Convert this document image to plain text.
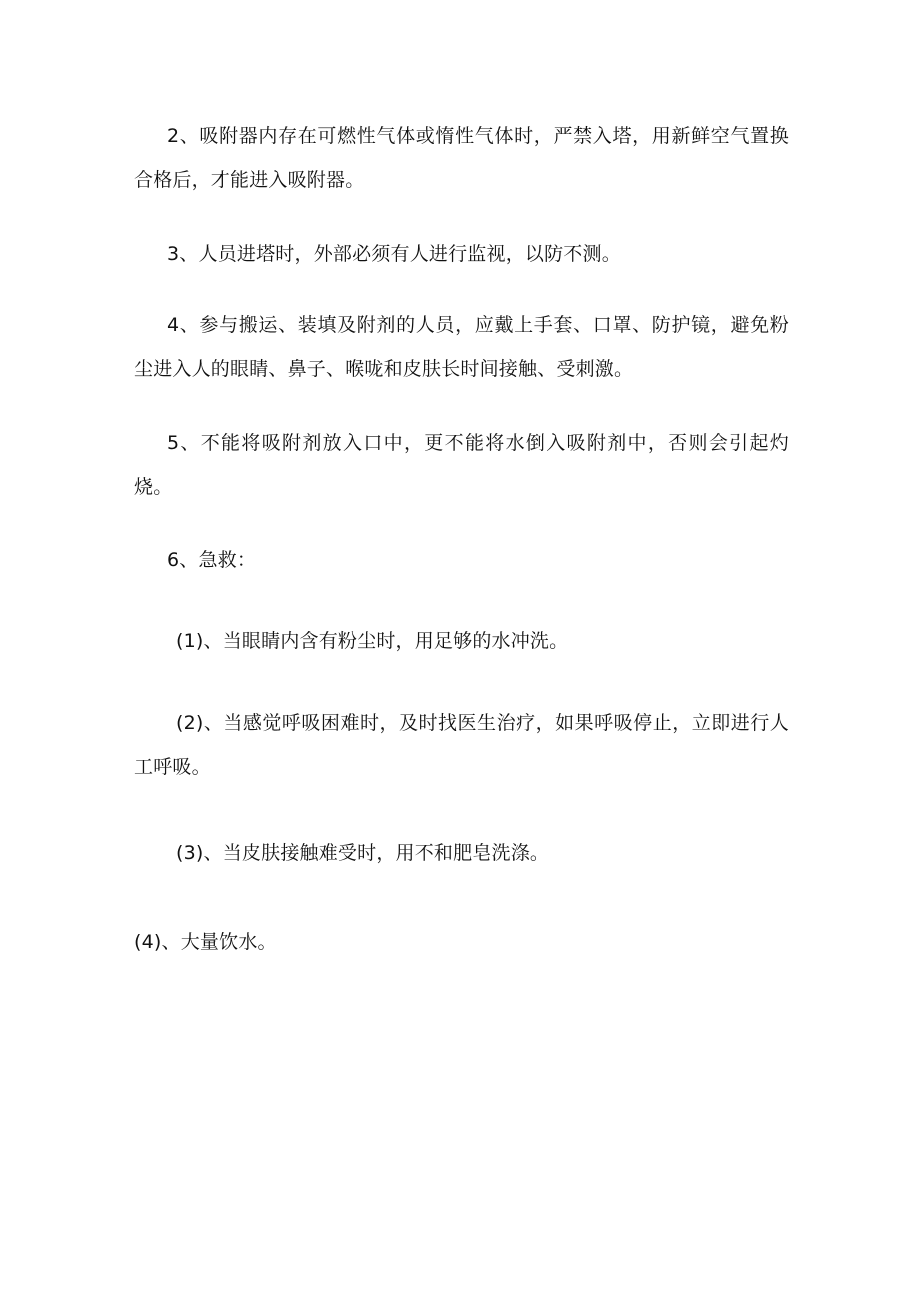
2、吸附器内存在可燃性气体或惰性气体时，严禁入塔，用新鲜空气置换合格后，才能进入吸附器。

3、人员进塔时，外部必须有人进行监视，以防不测。

4、参与搬运、装填及附剂的人员，应戴上手套、口罩、防护镜，避免粉尘进入人的眼睛、鼻子、喉咙和皮肤长时间接触、受刺激。

5、不能将吸附剂放入口中，更不能将水倒入吸附剂中，否则会引起灼烧。

6、急救：

(1)、当眼睛内含有粉尘时，用足够的水冲洗。

(2)、当感觉呼吸困难时，及时找医生治疗，如果呼吸停止，立即进行人工呼吸。

(3)、当皮肤接触难受时，用不和肥皂洗涤。

(4)、大量饮水。
